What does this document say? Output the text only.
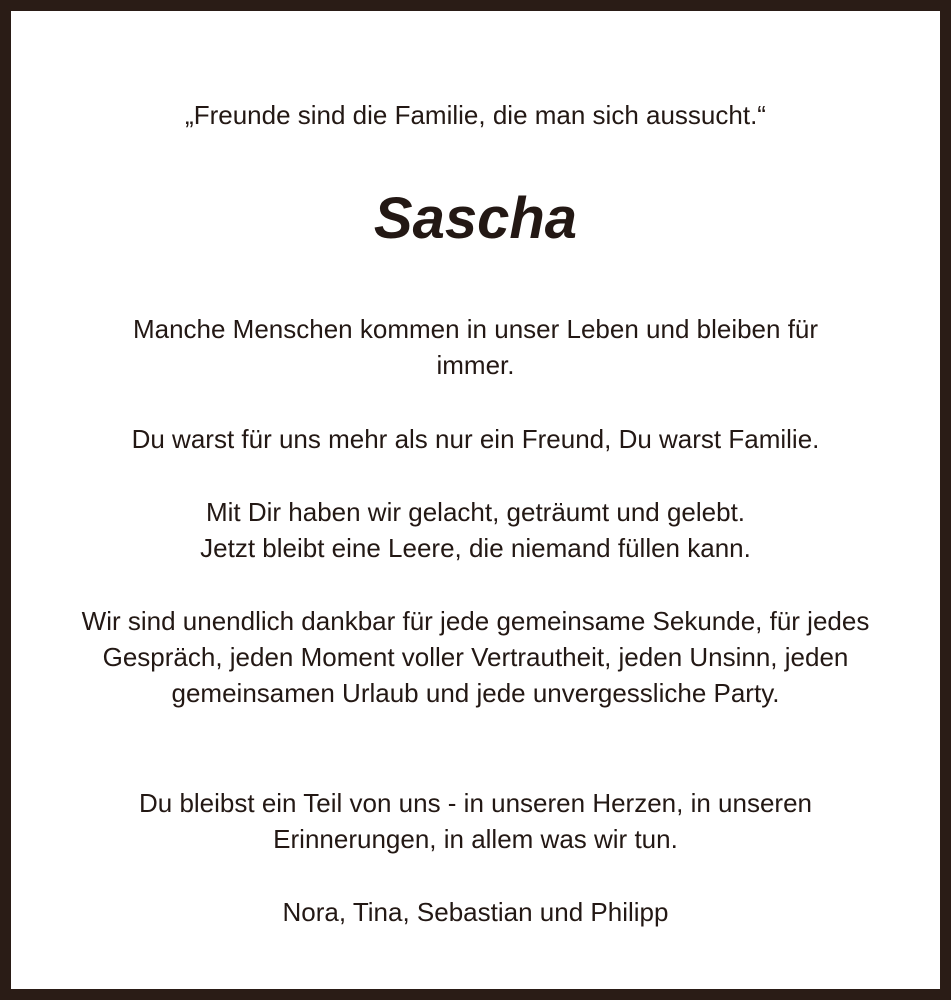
„Freunde sind die Familie, die man sich aussucht.“
Sascha

Manche Menschen kommen in unser Leben und bleiben für immer.

Du warst für uns mehr als nur ein Freund, Du warst Familie.

Mit Dir haben wir gelacht, geträumt und gelebt.
Jetzt bleibt eine Leere, die niemand füllen kann.

Wir sind unendlich dankbar für jede gemeinsame Sekunde, für jedes Gespräch, jeden Moment voller Vertrautheit, jeden Unsinn, jeden gemeinsamen Urlaub und jede unvergessliche Party.

Du bleibst ein Teil von uns - in unseren Herzen, in unseren Erinnerungen, in allem was wir tun.

Nora, Tina, Sebastian und Philipp
